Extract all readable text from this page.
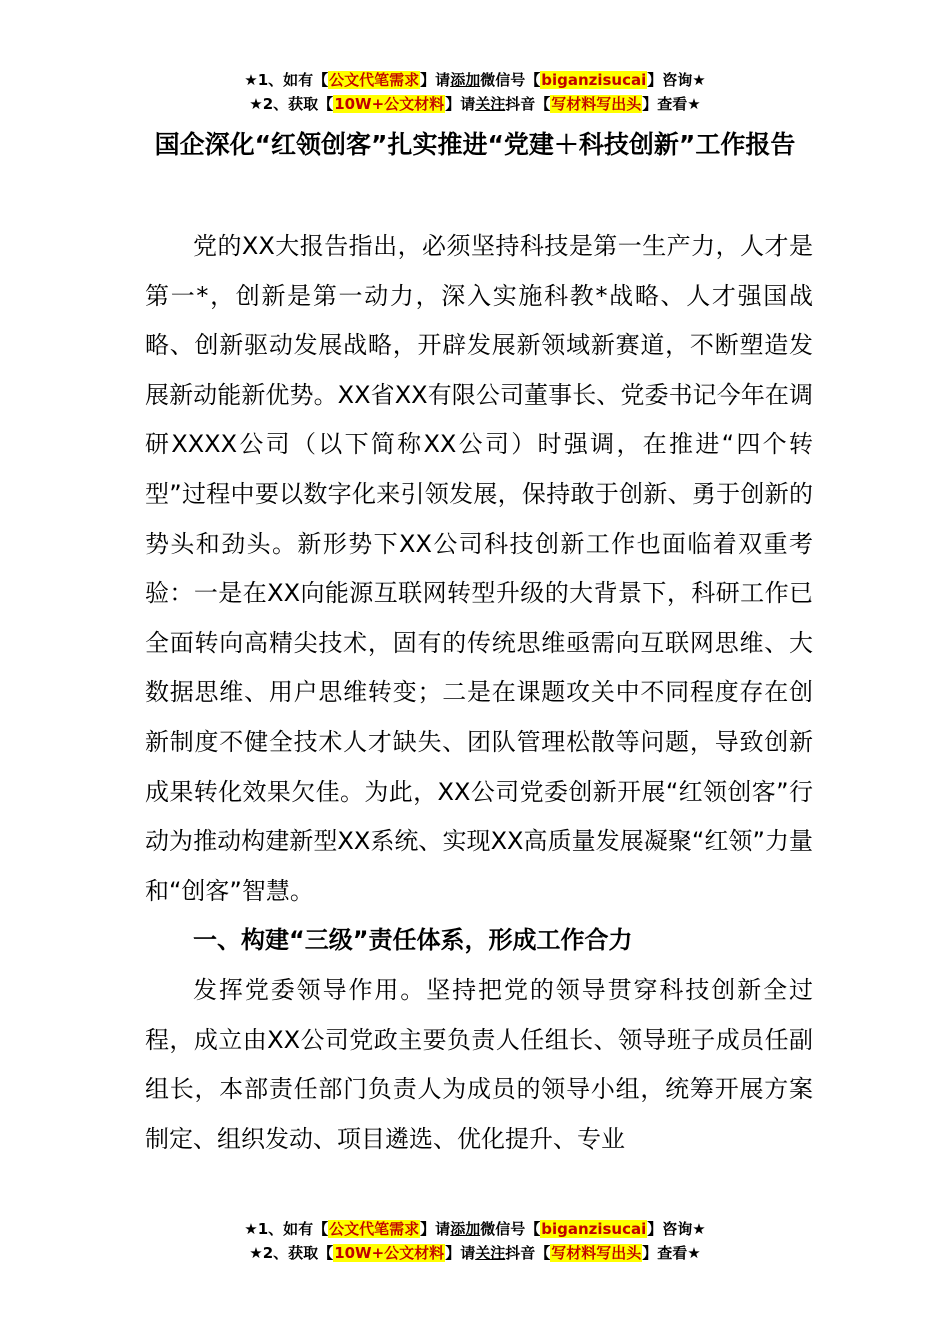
★1、如有【公文代笔需求】请添加微信号【biganzisucai】咨询★
★2、获取【10W+公文材料】请关注抖音【写材料写出头】查看★
国企深化“红领创客”扎实推进“党建＋科技创新”工作报告

党的XX大报告指出，必须坚持科技是第一生产力，人才是第一*，创新是第一动力，深入实施科教*战略、人才强国战略、创新驱动发展战略，开辟发展新领域新赛道，不断塑造发展新动能新优势。XX省XX有限公司董事长、党委书记今年在调研XXXX公司（以下简称XX公司）时强调，在推进“四个转型”过程中要以数字化来引领发展，保持敢于创新、勇于创新的势头和劲头。新形势下XX公司科技创新工作也面临着双重考验：一是在XX向能源互联网转型升级的大背景下，科研工作已全面转向高精尖技术，固有的传统思维亟需向互联网思维、大数据思维、用户思维转变；二是在课题攻关中不同程度存在创新制度不健全技术人才缺失、团队管理松散等问题，导致创新成果转化效果欠佳。为此，XX公司党委创新开展“红领创客”行动为推动构建新型XX系统、实现XX高质量发展凝聚“红领”力量和“创客”智慧。

一、构建“三级”责任体系，形成工作合力

发挥党委领导作用。坚持把党的领导贯穿科技创新全过程，成立由XX公司党政主要负责人任组长、领导班子成员任副组长，本部责任部门负责人为成员的领导小组，统筹开展方案制定、组织发动、项目遴选、优化提升、专业

★1、如有【公文代笔需求】请添加微信号【biganzisucai】咨询★
★2、获取【10W+公文材料】请关注抖音【写材料写出头】查看★
